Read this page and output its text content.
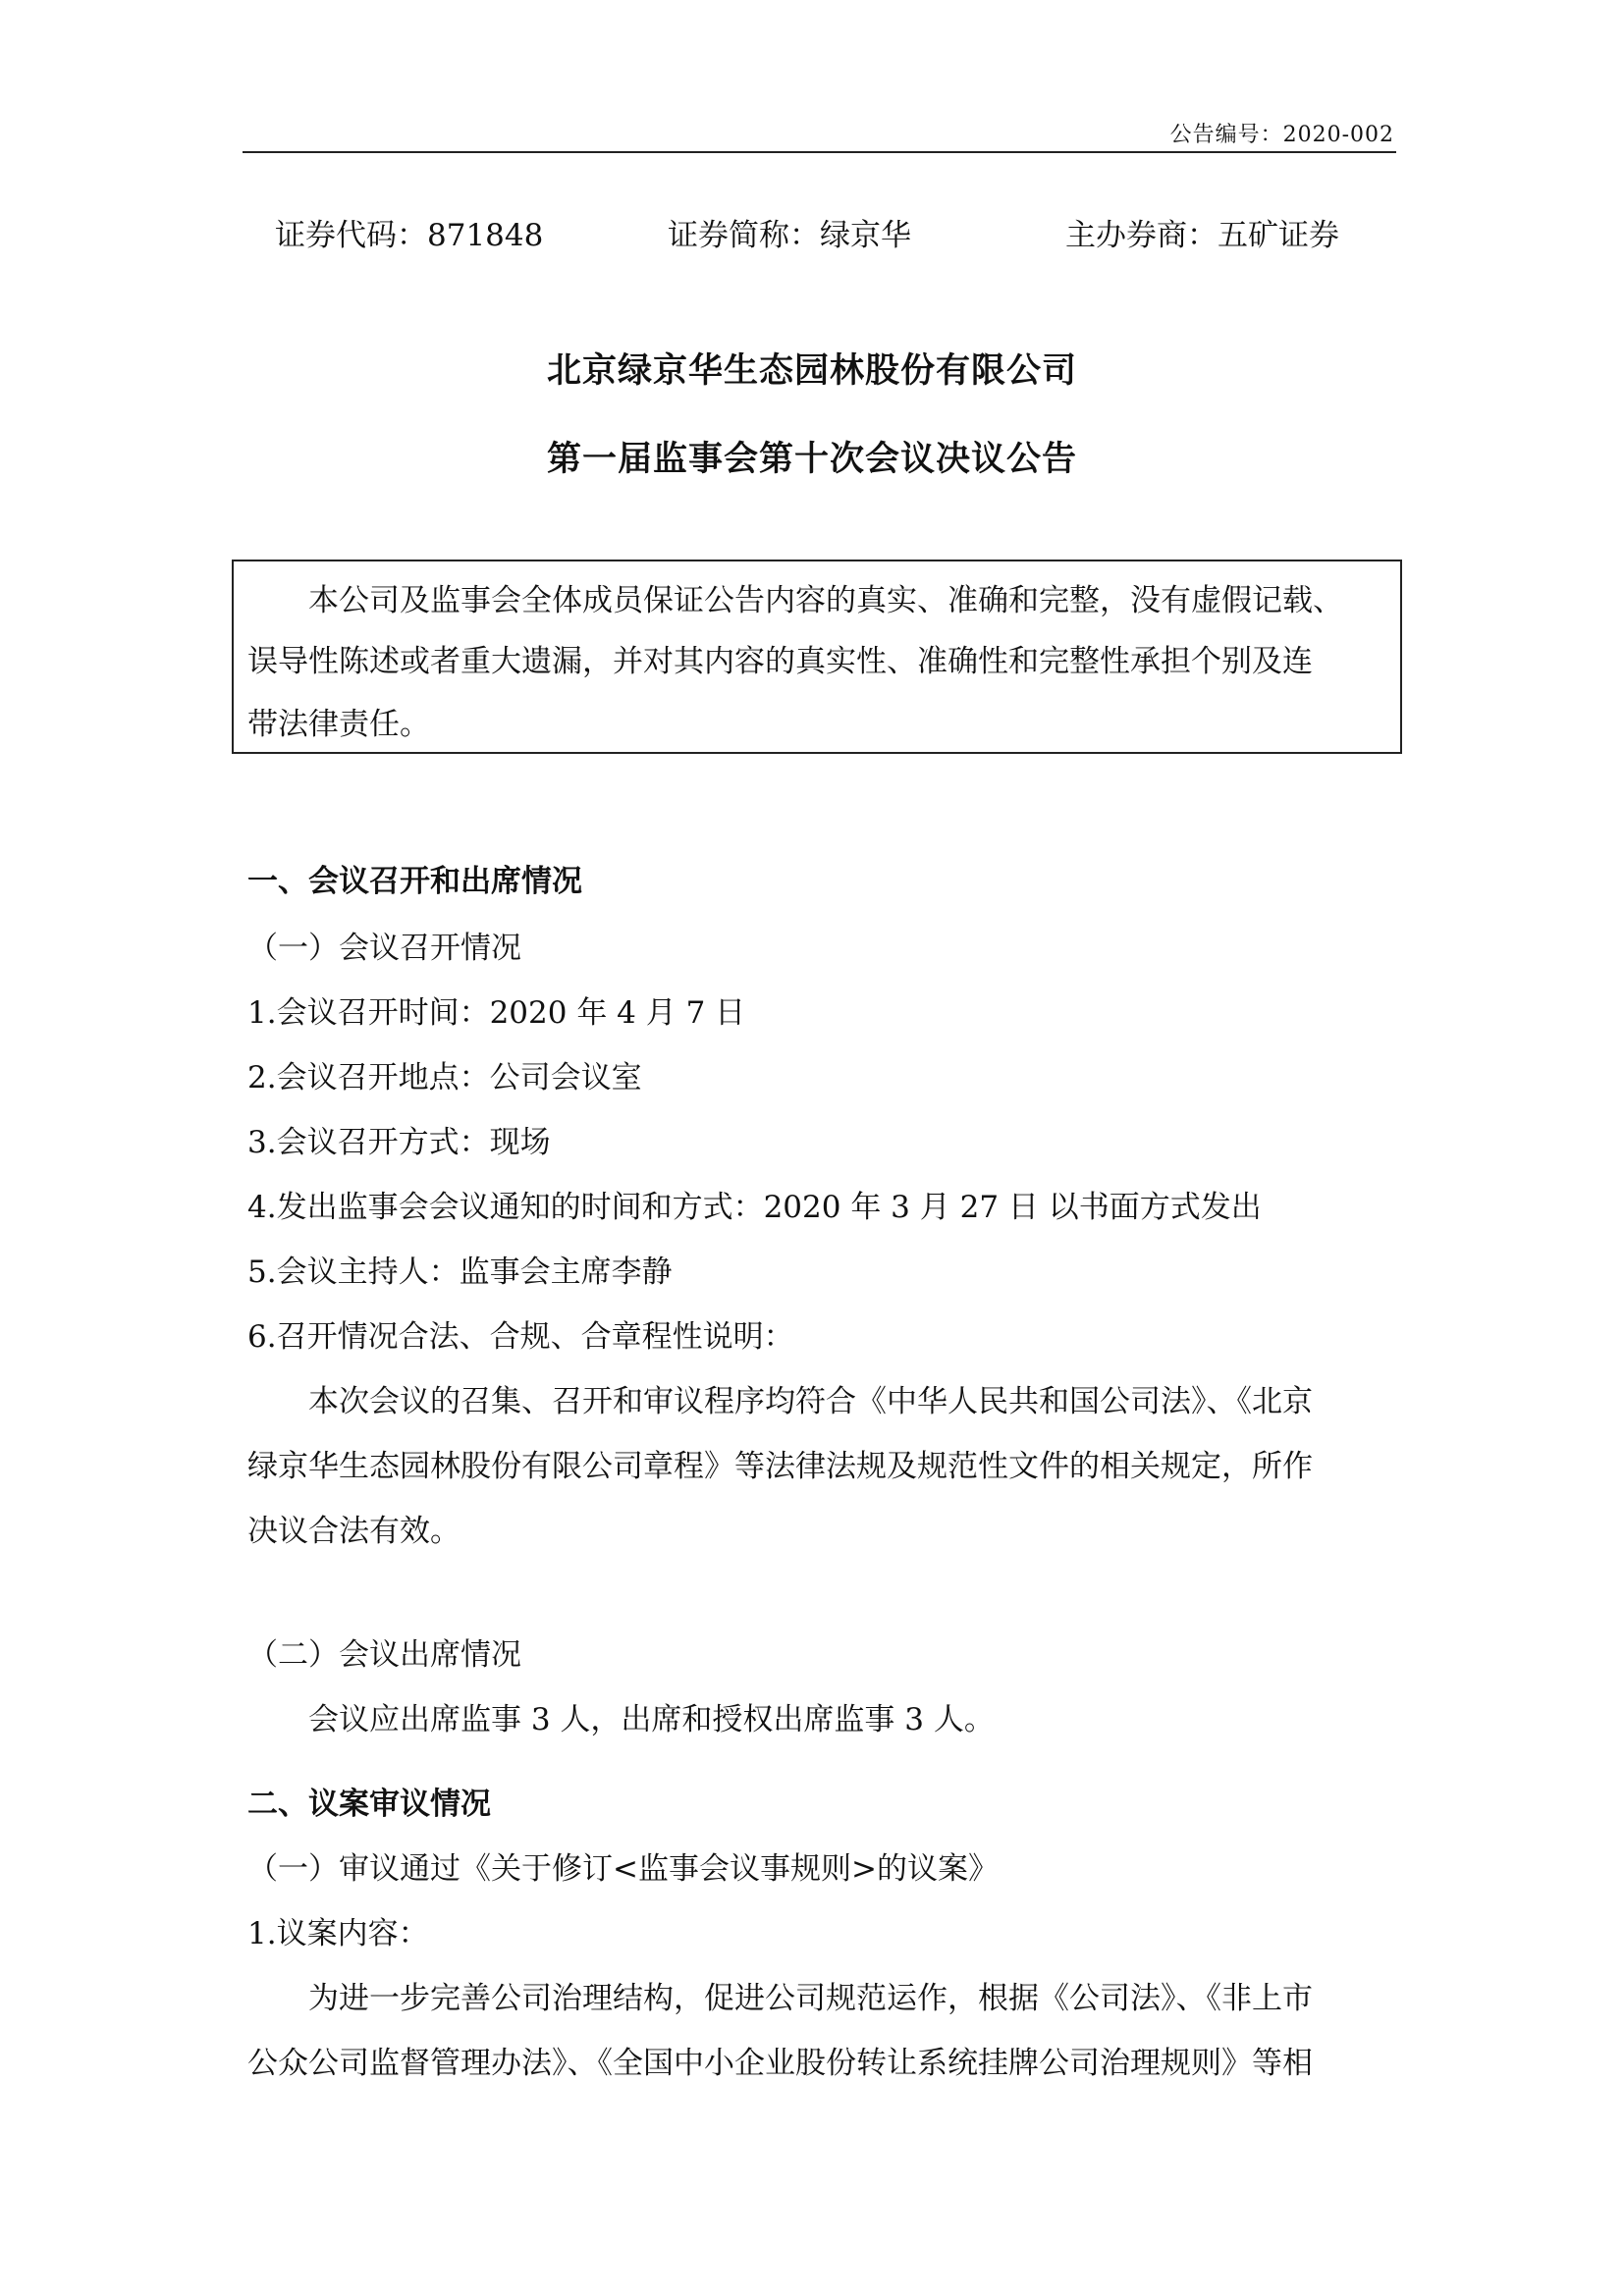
公告编号：2020-002
证券代码：871848	证券简称：绿京华	主办券商：五矿证券
北京绿京华生态园林股份有限公司
第一届监事会第十次会议决议公告
本公司及监事会全体成员保证公告内容的真实、准确和完整，没有虚假记载、
误导性陈述或者重大遗漏，并对其内容的真实性、准确性和完整性承担个别及连
带法律责任。
一、会议召开和出席情况
（一）会议召开情况
1.会议召开时间：2020 年 4 月 7 日
2.会议召开地点：公司会议室
3.会议召开方式：现场
4.发出监事会会议通知的时间和方式：2020 年 3 月 27 日 以书面方式发出
5.会议主持人：监事会主席李静
6.召开情况合法、合规、合章程性说明：
本次会议的召集、召开和审议程序均符合《中华人民共和国公司法》、《北京
绿京华生态园林股份有限公司章程》等法律法规及规范性文件的相关规定，所作
决议合法有效。
（二）会议出席情况
会议应出席监事 3 人，出席和授权出席监事 3 人。
二、议案审议情况
（一）审议通过《关于修订<监事会议事规则>的议案》
1.议案内容：
为进一步完善公司治理结构，促进公司规范运作，根据《公司法》、《非上市
公众公司监督管理办法》、《全国中小企业股份转让系统挂牌公司治理规则》等相
